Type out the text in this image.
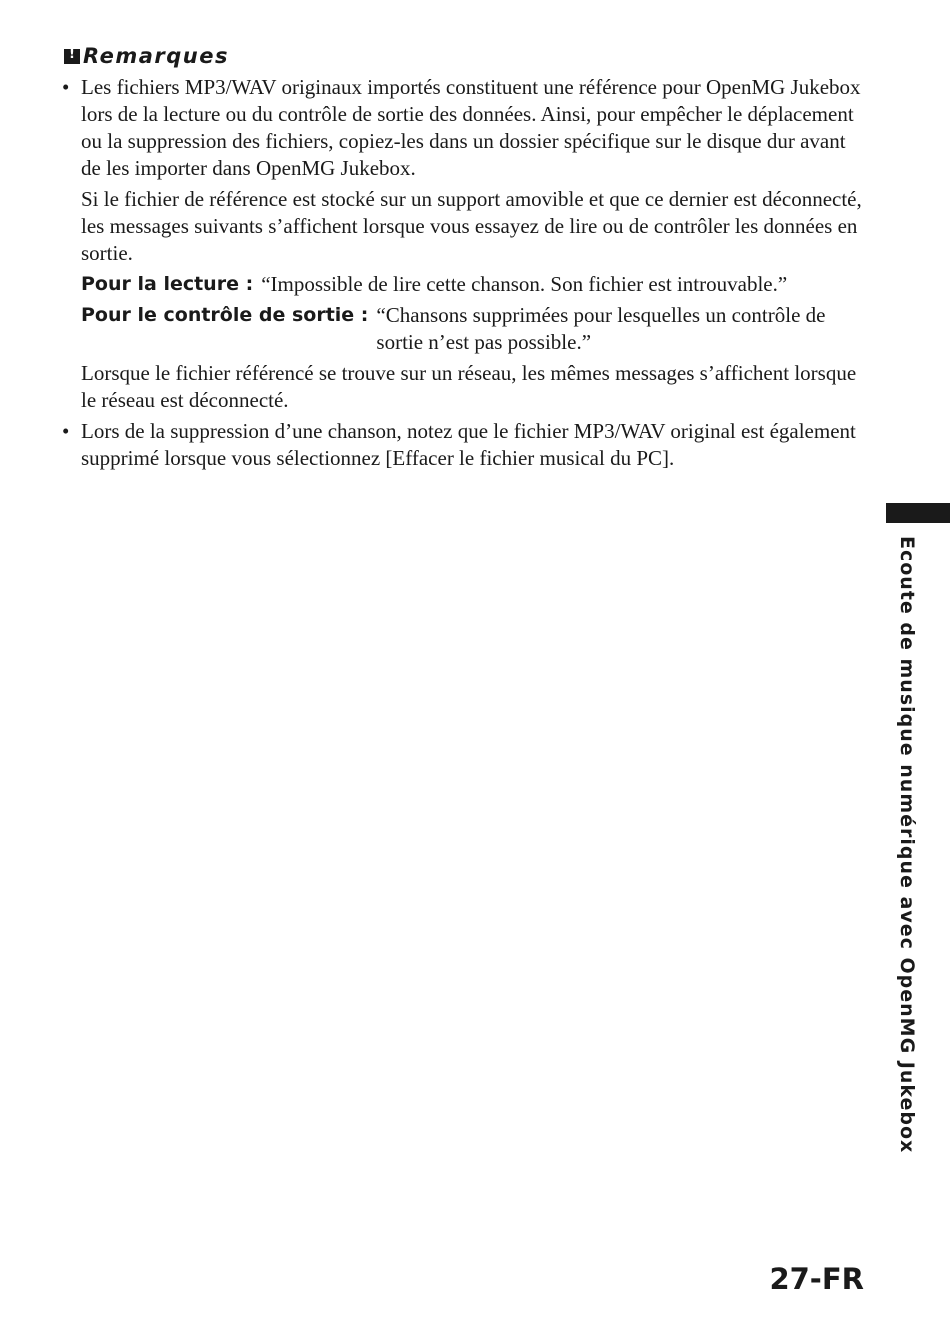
!
Remarques
• Les fichiers MP3/WAV originaux importés constituent une référence pour OpenMG Jukebox lors de la lecture ou du contrôle de sortie des données. Ainsi, pour empêcher le déplacement ou la suppression des fichiers, copiez-les dans un dossier spécifique sur le disque dur avant de les importer dans OpenMG Jukebox.

Si le fichier de référence est stocké sur un support amovible et que ce dernier est déconnecté, les messages suivants s’affichent lorsque vous essayez de lire ou de contrôler les données en sortie.

Pour la lecture : “Impossible de lire cette chanson. Son fichier est introuvable.”
Pour le contrôle de sortie : “Chansons supprimées pour lesquelles un contrôle de sortie n’est pas possible.”

Lorsque le fichier référencé se trouve sur un réseau, les mêmes messages s’affichent lorsque le réseau est déconnecté.

• Lors de la suppression d’une chanson, notez que le fichier MP3/WAV original est également supprimé lorsque vous sélectionnez [Effacer le fichier musical du PC].

Ecoute de musique numérique avec OpenMG Jukebox
27-FR
